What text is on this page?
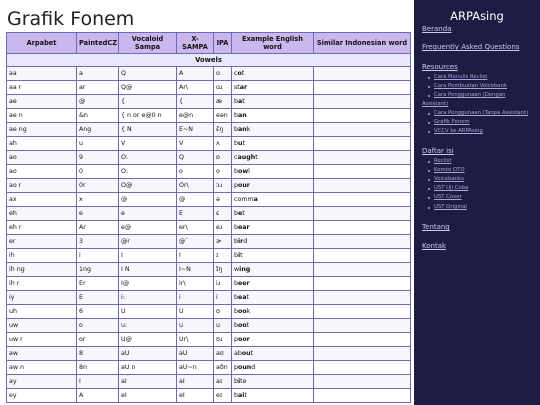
Grafik Fonem
Arpabet	PaintedCZ	Vocaloid Sampa	X-SAMPA	IPA	Example English word	Similar Indonesian word
Vowels						
aa	a	Q	A	ɑ	cot	
aa r	ar	Q@	Ar\	ɑɹ	star	
ae	@	{	{	æ	bat	
ae n	&n	{ n or e@0 n	e@n	eən	ban	
ae ng	Ang	{ N	E~N	ɛ̃ŋ	bank	
ah	u	V	V	ʌ	but	
ao	9	O:	Q	ɒ	caught	
ao	0	O:	o	o	bowl	
ao r	0r	O@	Or\	ɔɹ	pour	
ax	x	@	@	ə	comma	
eh	e	e	E	ɛ	bet	
eh r	Ar	e@	er\	eɹ	bear	
er	3	@r	@`	ɚ	bird	
ih	i	I	I	ɪ	bit	
ih ng	1ng	I N	I~N	ɪ̃ŋ	wing	
ih r	Er	I@	ir\	iɹ	beer	
iy	E	i:	i	i	beat	
uh	6	U	U	ʊ	book	
uw	o	u:	u	u	boot	
uw r	or	U@	Ur\	ʊɹ	poor	
aw	8	aU	aU	aʊ	about	
aw n	8n	aU n	aU~n	aʊ̃n	pound	
ay	I	aI	aI	aɪ	bite	
ey	A	eI	eI	eɪ	bait	
ARPAsing
Beranda
Frequently Asked Questions
Resources
Cara Menulis Reclist
Cara Pembuatan Voicebank
Cara Penggunaan (Dengan
Assistant)
Cara Penggunaan (Tanpa Assistant)
Grafik Fonem
VCCV ke ARPAsing
Daftar isi
Reclist
Komisi OTO
Voicebanks
UST Uji Coba
UST Cover
UST Original
Tentang
Kontak
